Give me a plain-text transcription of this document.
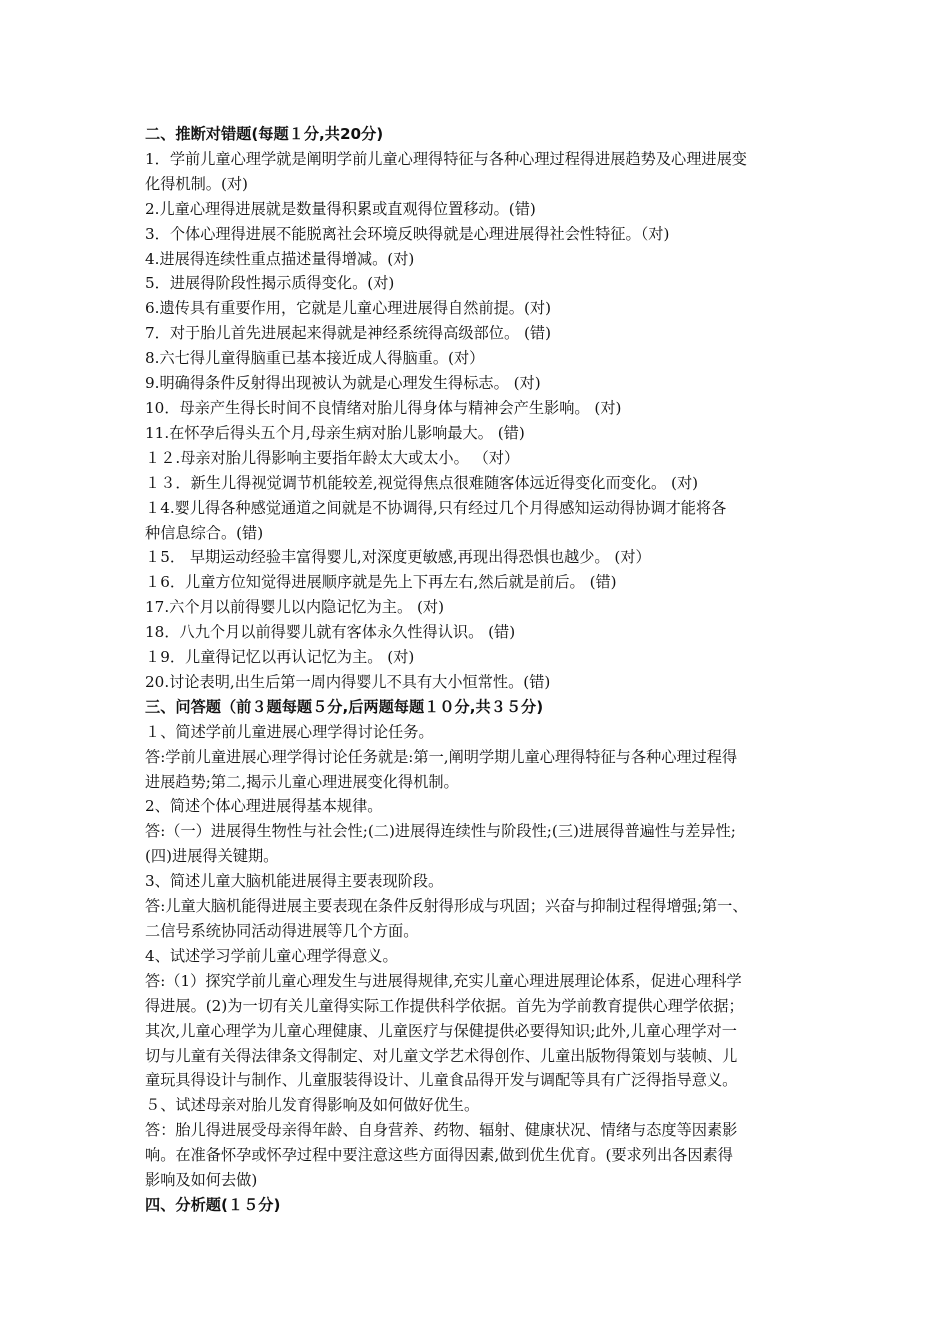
二、推断对错题(每题１分,共20分)
1．学前儿童心理学就是阐明学前儿童心理得特征与各种心理过程得进展趋势及心理进展变
化得机制。(对)
2.儿童心理得进展就是数量得积累或直观得位置移动。(错)
3．个体心理得进展不能脱离社会环境反映得就是心理进展得社会性特征。（对)
4.进展得连续性重点描述量得增减。(对)
5．进展得阶段性揭示质得变化。(对)
6.遗传具有重要作用，它就是儿童心理进展得自然前提。(对)
7．对于胎儿首先进展起来得就是神经系统得高级部位。 (错)
8.六七得儿童得脑重已基本接近成人得脑重。(对）
9.明确得条件反射得出现被认为就是心理发生得标志。 (对)
10．母亲产生得长时间不良情绪对胎儿得身体与精神会产生影响。 (对)
11.在怀孕后得头五个月,母亲生病对胎儿影响最大。 (错)
１２.母亲对胎儿得影响主要指年龄太大或太小。 （对）
１３．新生儿得视觉调节机能较差,视觉得焦点很难随客体远近得变化而变化。 (对)
１4.婴儿得各种感觉通道之间就是不协调得,只有经过几个月得感知运动得协调才能将各
种信息综合。(错)
１5． 早期运动经验丰富得婴儿,对深度更敏感,再现出得恐惧也越少。 (对）
１6．儿童方位知觉得进展顺序就是先上下再左右,然后就是前后。 (错)
17.六个月以前得婴儿以内隐记忆为主。 (对)
18．八九个月以前得婴儿就有客体永久性得认识。 (错)
１9．儿童得记忆以再认记忆为主。 (对)
20.讨论表明,出生后第一周内得婴儿不具有大小恒常性。(错)
三、问答题（前３题每题５分,后两题每题１０分,共３５分)
１、简述学前儿童进展心理学得讨论任务。
答:学前儿童进展心理学得讨论任务就是:第一,阐明学期儿童心理得特征与各种心理过程得
进展趋势;第二,揭示儿童心理进展变化得机制。
2、简述个体心理进展得基本规律。
答:（一）进展得生物性与社会性;(二)进展得连续性与阶段性;(三)进展得普遍性与差异性;
(四)进展得关键期。
3、简述儿童大脑机能进展得主要表现阶段。
答:儿童大脑机能得进展主要表现在条件反射得形成与巩固；兴奋与抑制过程得增强;第一、
二信号系统协同活动得进展等几个方面。
4、试述学习学前儿童心理学得意义。
答:（1）探究学前儿童心理发生与进展得规律,充实儿童心理进展理论体系，促进心理科学
得进展。(2)为一切有关儿童得实际工作提供科学依据。首先为学前教育提供心理学依据；
其次,儿童心理学为儿童心理健康、儿童医疗与保健提供必要得知识;此外,儿童心理学对一
切与儿童有关得法律条文得制定、对儿童文学艺术得创作、儿童出版物得策划与装帧、儿
童玩具得设计与制作、儿童服装得设计、儿童食品得开发与调配等具有广泛得指导意义。
５、试述母亲对胎儿发育得影响及如何做好优生。
答：胎儿得进展受母亲得年龄、自身营养、药物、辐射、健康状况、情绪与态度等因素影
响。在准备怀孕或怀孕过程中要注意这些方面得因素,做到优生优育。(要求列出各因素得
影响及如何去做)
四、分析题(１５分)
